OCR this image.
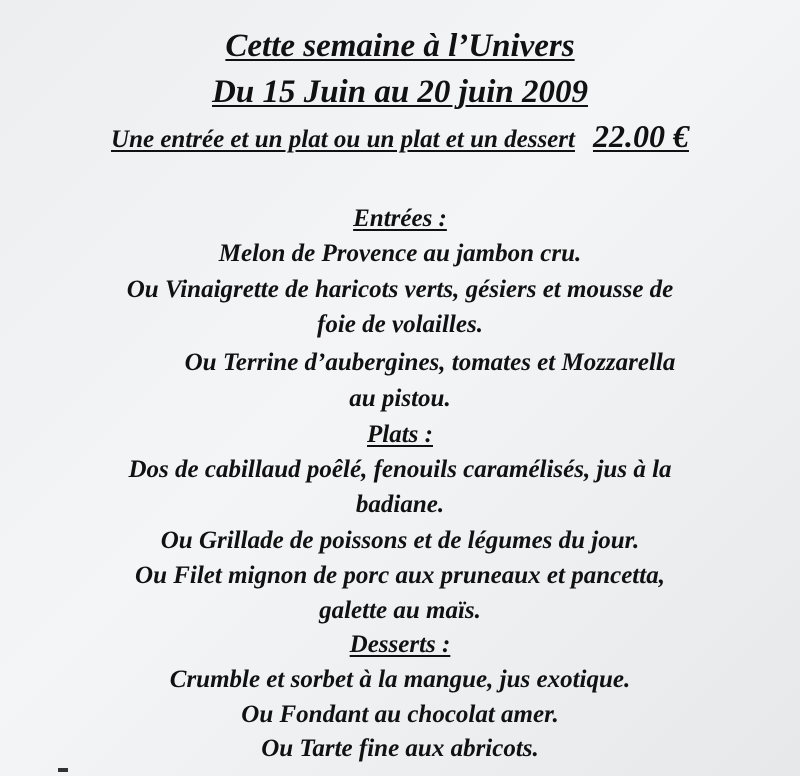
Cette semaine à l’Univers
Du 15 Juin au 20 juin 2009
Une entrée et un plat ou un plat et un dessert 22.00 €
Entrées :
Melon de Provence au jambon cru.
Ou Vinaigrette de haricots verts, gésiers et mousse de
foie de volailles.
Ou Terrine d’aubergines, tomates et Mozzarella
au pistou.
Plats :
Dos de cabillaud poêlé, fenouils caramélisés, jus à la
badiane.
Ou Grillade de poissons et de légumes du jour.
Ou Filet mignon de porc aux pruneaux et pancetta,
galette au maïs.
Desserts :
Crumble et sorbet à la mangue, jus exotique.
Ou Fondant au chocolat amer.
Ou Tarte fine aux abricots.
